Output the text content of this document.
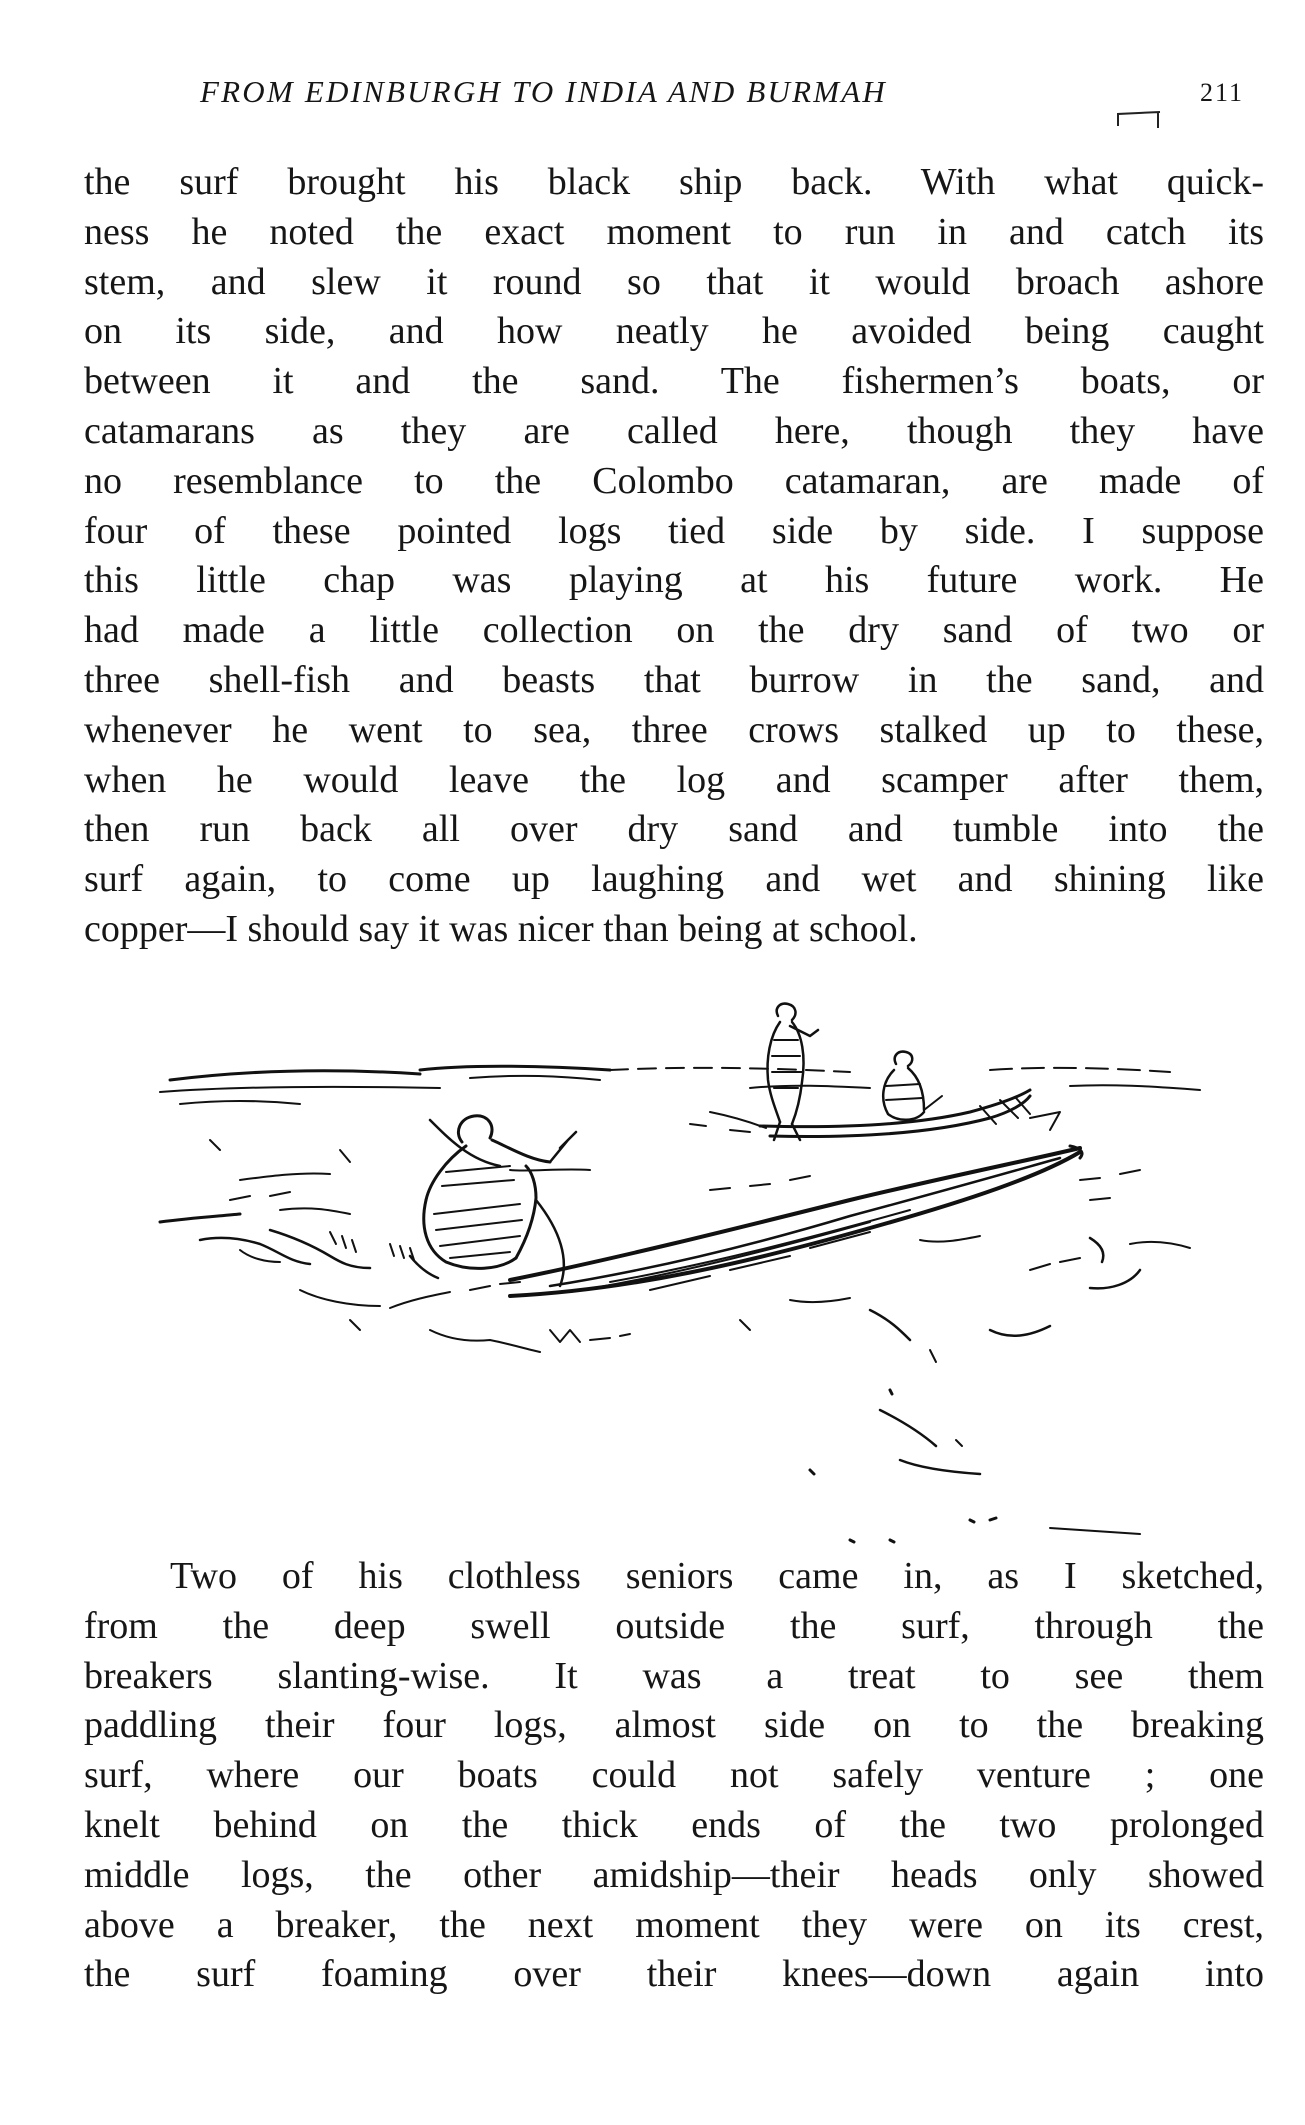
FROM EDINBURGH TO INDIA AND BURMAH	211
the surf brought his black ship back. With what quick-
ness he noted the exact moment to run in and catch its
stem, and slew it round so that it would broach ashore
on its side, and how neatly he avoided being caught
between it and the sand. The fishermen’s boats, or
catamarans as they are called here, though they have
no resemblance to the Colombo catamaran, are made of
four of these pointed logs tied side by side. I suppose
this little chap was playing at his future work. He
had made a little collection on the dry sand of two or
three shell-fish and beasts that burrow in the sand, and
whenever he went to sea, three crows stalked up to these,
when he would leave the log and scamper after them,
then run back all over dry sand and tumble into the
surf again, to come up laughing and wet and shining like
copper—I should say it was nicer than being at school.
Two of his clothless seniors came in, as I sketched,
from the deep swell outside the surf, through the
breakers slanting-wise. It was a treat to see them
paddling their four logs, almost side on to the breaking
surf, where our boats could not safely venture ; one
knelt behind on the thick ends of the two prolonged
middle logs, the other amidship—their heads only showed
above a breaker, the next moment they were on its crest,
the surf foaming over their knees—down again into
